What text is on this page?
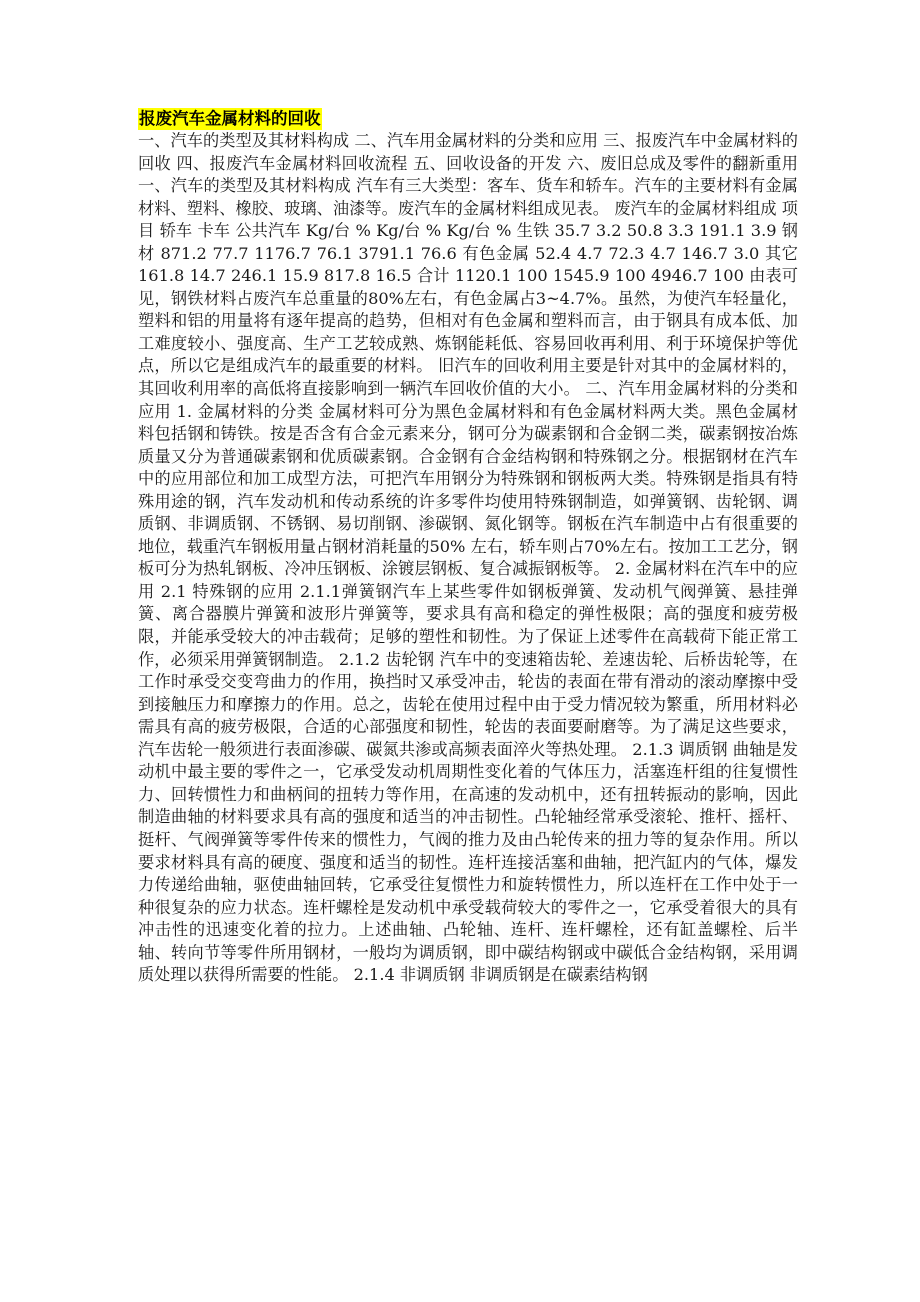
报废汽车金属材料的回收

一、汽车的类型及其材料构成 二、汽车用金属材料的分类和应用 三、报废汽车中金属材料的回收 四、报废汽车金属材料回收流程 五、回收设备的开发 六、废旧总成及零件的翻新重用 一、汽车的类型及其材料构成 汽车有三大类型：客车、货车和轿车。汽车的主要材料有金属材料、塑料、橡胶、玻璃、油漆等。废汽车的金属材料组成见表。 废汽车的金属材料组成 项目 轿车 卡车 公共汽车 Kg/台 % Kg/台 % Kg/台 % 生铁 35.7 3.2 50.8 3.3 191.1 3.9 钢材 871.2 77.7 1176.7 76.1 3791.1 76.6 有色金属 52.4 4.7 72.3 4.7 146.7 3.0 其它 161.8 14.7 246.1 15.9 817.8 16.5 合计 1120.1 100 1545.9 100 4946.7 100 由表可见，钢铁材料占废汽车总重量的80%左右，有色金属占3~4.7%。虽然，为使汽车轻量化，塑料和铝的用量将有逐年提高的趋势，但相对有色金属和塑料而言，由于钢具有成本低、加工难度较小、强度高、生产工艺较成熟、炼钢能耗低、容易回收再利用、利于环境保护等优点，所以它是组成汽车的最重要的材料。 旧汽车的回收利用主要是针对其中的金属材料的，其回收利用率的高低将直接影响到一辆汽车回收价值的大小。 二、汽车用金属材料的分类和应用 1. 金属材料的分类 金属材料可分为黑色金属材料和有色金属材料两大类。黑色金属材料包括钢和铸铁。按是否含有合金元素来分，钢可分为碳素钢和合金钢二类，碳素钢按冶炼质量又分为普通碳素钢和优质碳素钢。合金钢有合金结构钢和特殊钢之分。根据钢材在汽车中的应用部位和加工成型方法，可把汽车用钢分为特殊钢和钢板两大类。特殊钢是指具有特殊用途的钢，汽车发动机和传动系统的许多零件均使用特殊钢制造，如弹簧钢、齿轮钢、调质钢、非调质钢、不锈钢、易切削钢、渗碳钢、氮化钢等。钢板在汽车制造中占有很重要的地位，载重汽车钢板用量占钢材消耗量的50% 左右，轿车则占70%左右。按加工工艺分，钢板可分为热轧钢板、冷冲压钢板、涂镀层钢板、复合减振钢板等。 2. 金属材料在汽车中的应用 2.1 特殊钢的应用 2.1.1弹簧钢汽车上某些零件如钢板弹簧、发动机气阀弹簧、悬挂弹簧、离合器膜片弹簧和波形片弹簧等，要求具有高和稳定的弹性极限；高的强度和疲劳极限，并能承受较大的冲击载荷；足够的塑性和韧性。为了保证上述零件在高载荷下能正常工作，必须采用弹簧钢制造。 2.1.2 齿轮钢 汽车中的变速箱齿轮、差速齿轮、后桥齿轮等，在工作时承受交变弯曲力的作用，换挡时又承受冲击，轮齿的表面在带有滑动的滚动摩擦中受到接触压力和摩擦力的作用。总之，齿轮在使用过程中由于受力情况较为繁重，所用材料必需具有高的疲劳极限，合适的心部强度和韧性，轮齿的表面要耐磨等。为了满足这些要求，汽车齿轮一般须进行表面渗碳、碳氮共渗或高频表面淬火等热处理。 2.1.3 调质钢 曲轴是发动机中最主要的零件之一，它承受发动机周期性变化着的气体压力，活塞连杆组的往复惯性力、回转惯性力和曲柄间的扭转力等作用，在高速的发动机中，还有扭转振动的影响，因此制造曲轴的材料要求具有高的强度和适当的冲击韧性。凸轮轴经常承受滚轮、推杆、摇杆、挺杆、气阀弹簧等零件传来的惯性力，气阀的推力及由凸轮传来的扭力等的复杂作用。所以要求材料具有高的硬度、强度和适当的韧性。连杆连接活塞和曲轴，把汽缸内的气体，爆发力传递给曲轴，驱使曲轴回转，它承受往复惯性力和旋转惯性力，所以连杆在工作中处于一种很复杂的应力状态。连杆螺栓是发动机中承受载荷较大的零件之一，它承受着很大的具有冲击性的迅速变化着的拉力。上述曲轴、凸轮轴、连杆、连杆螺栓，还有缸盖螺栓、后半轴、转向节等零件所用钢材，一般均为调质钢，即中碳结构钢或中碳低合金结构钢，采用调质处理以获得所需要的性能。 2.1.4 非调质钢 非调质钢是在碳素结构钢
